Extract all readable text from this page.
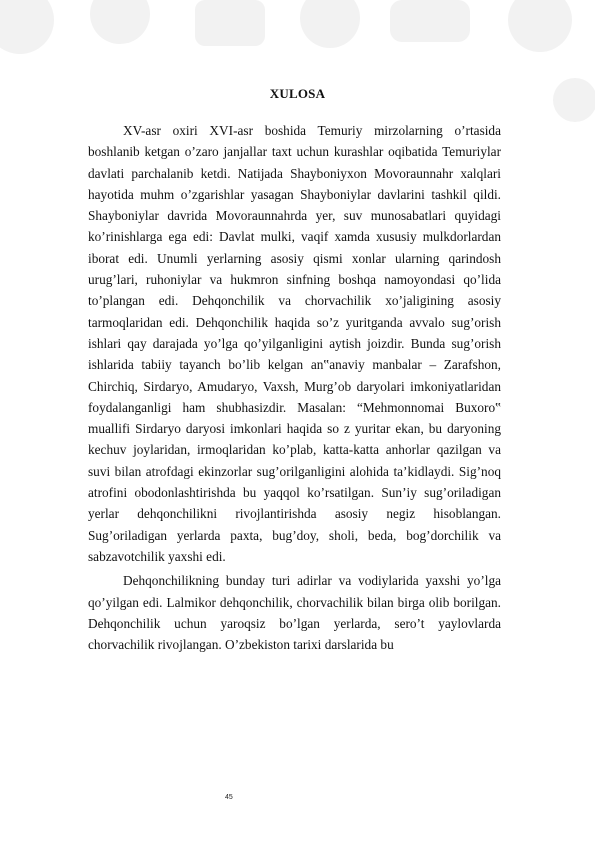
XULOSA

XV-asr oxiri XVI-asr boshida Temuriy mirzolarning o’rtasida boshlanib ketgan o’zaro janjallar taxt uchun kurashlar oqibatida Temuriylar davlati parchalanib ketdi. Natijada Shayboniyxon Movoraunnahr xalqlari hayotida muhm o’zgarishlar yasagan Shayboniylar davlarini tashkil qildi. Shayboniylar davrida Movoraunnahrda yer, suv munosabatlari quyidagi ko’rinishlarga ega edi: Davlat mulki, vaqif xamda xususiy mulkdorlardan iborat edi. Unumli yerlarning asosiy qismi xonlar ularning qarindosh urug’lari, ruhoniylar va hukmron sinfning boshqa namoyondasi qo’lida to’plangan edi. Dehqonchilik va chorvachilik xo’jaligining asosiy tarmoqlaridan edi. Dehqonchilik haqida so’z yuritganda avvalo sug’orish ishlari qay darajada yo’lga qo’yilganligini aytish joizdir. Bunda sug’orish ishlarida tabiiy tayanch bo’lib kelgan an‟anaviy manbalar – Zarafshon, Chirchiq, Sirdaryo, Amudaryo, Vaxsh, Murg’ob daryolari imkoniyatlaridan foydalanganligi ham shubhasizdir. Masalan: “Mehmonnomai Buxoro‟ muallifi Sirdaryo daryosi imkonlari haqida so z yuritar ekan, bu daryoning kechuv joylaridan, irmoqlaridan ko’plab, katta-katta anhorlar qazilgan va suvi bilan atrofdagi ekinzorlar sug’orilganligini alohida ta’kidlaydi. Sig’noq atrofini obodonlashtirishda bu yaqqol ko’rsatilgan. Sun’iy sug’oriladigan yerlar dehqonchilikni rivojlantirishda asosiy negiz hisoblangan. Sug’oriladigan yerlarda paxta, bug’doy, sholi, beda, bog’dorchilik va sabzavotchilik yaxshi edi.

Dehqonchilikning bunday turi adirlar va vodiylarida yaxshi yo’lga qo’yilgan edi. Lalmikor dehqonchilik, chorvachilik bilan birga olib borilgan. Dehqonchilik uchun yaroqsiz bo’lgan yerlarda, sero’t yaylovlarda chorvachilik rivojlangan. O’zbekiston tarixi darslarida bu

45
